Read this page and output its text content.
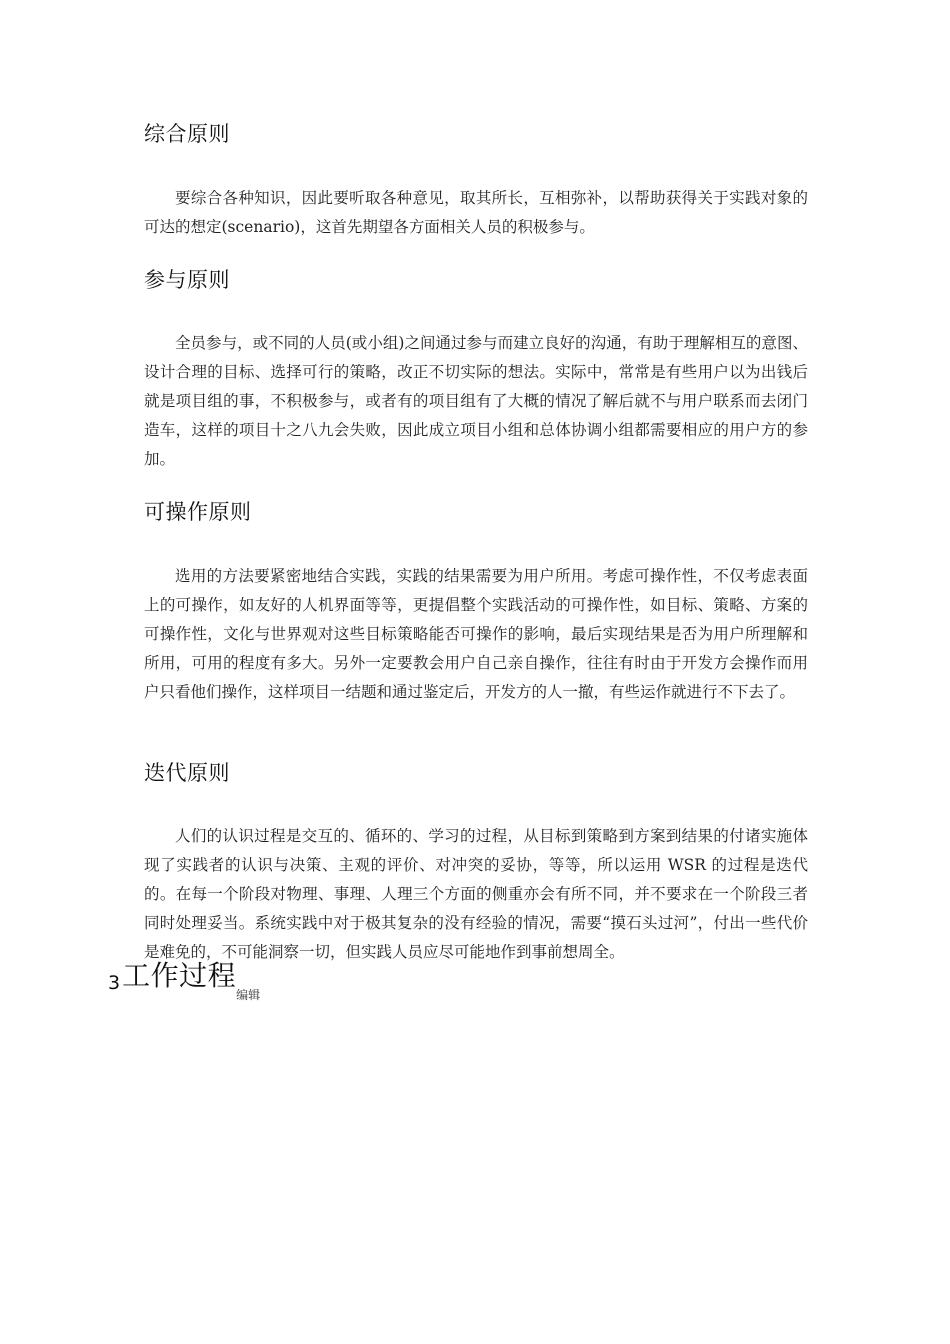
综合原则

要综合各种知识，因此要听取各种意见，取其所长，互相弥补，以帮助获得关于实践对象的可达的想定(scenario)，这首先期望各方面相关人员的积极参与。

参与原则

全员参与，或不同的人员(或小组)之间通过参与而建立良好的沟通，有助于理解相互的意图、设计合理的目标、选择可行的策略，改正不切实际的想法。实际中，常常是有些用户以为出钱后就是项目组的事，不积极参与，或者有的项目组有了大概的情况了解后就不与用户联系而去闭门造车，这样的项目十之八九会失败，因此成立项目小组和总体协调小组都需要相应的用户方的参加。

可操作原则

选用的方法要紧密地结合实践，实践的结果需要为用户所用。考虑可操作性，不仅考虑表面上的可操作，如友好的人机界面等等，更提倡整个实践活动的可操作性，如目标、策略、方案的可操作性，文化与世界观对这些目标策略能否可操作的影响，最后实现结果是否为用户所理解和所用，可用的程度有多大。另外一定要教会用户自己亲自操作，往往有时由于开发方会操作而用户只看他们操作，这样项目一结题和通过鉴定后，开发方的人一撤，有些运作就进行不下去了。

迭代原则

人们的认识过程是交互的、循环的、学习的过程，从目标到策略到方案到结果的付诸实施体现了实践者的认识与决策、主观的评价、对冲突的妥协，等等，所以运用 WSR 的过程是迭代的。在每一个阶段对物理、事理、人理三个方面的侧重亦会有所不同，并不要求在一个阶段三者同时处理妥当。系统实践中对于极其复杂的没有经验的情况，需要“摸石头过河”，付出一些代价是难免的，不可能洞察一切，但实践人员应尽可能地作到事前想周全。

3工作过程$_{编辑}$
